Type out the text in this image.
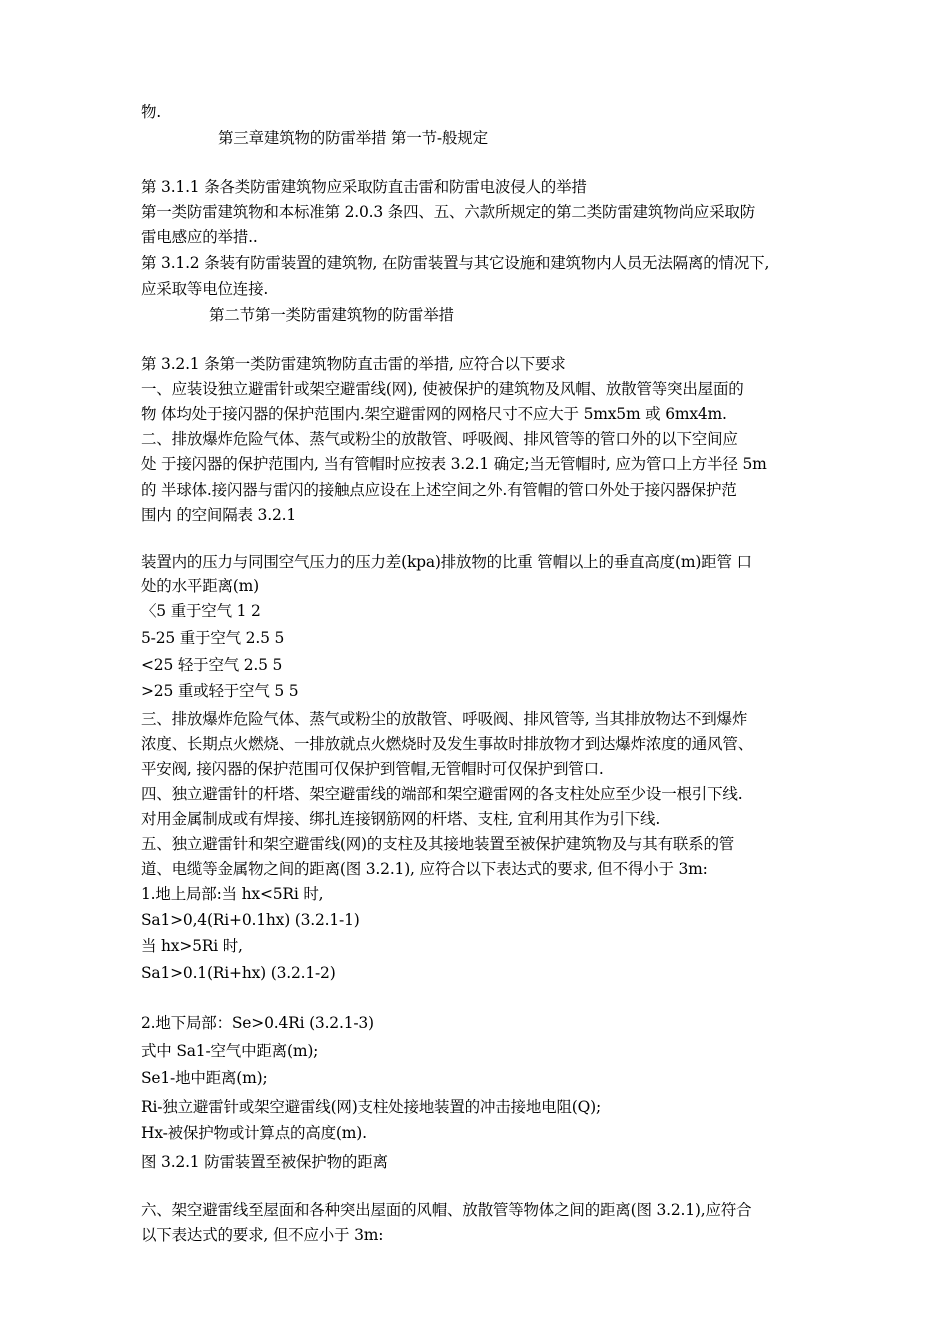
物.
第三章建筑物的防雷举措 第一节-般规定
第 3.1.1 条各类防雷建筑物应采取防直击雷和防雷电波侵人的举措
第一类防雷建筑物和本标准第 2.0.3 条四、五、六款所规定的第二类防雷建筑物尚应采取防
雷电感应的举措..
第 3.1.2 条装有防雷装置的建筑物, 在防雷装置与其它设施和建筑物内人员无法隔离的情况下,
应采取等电位连接.
第二节第一类防雷建筑物的防雷举措
第 3.2.1 条第一类防雷建筑物防直击雷的举措, 应符合以下要求
一、应装设独立避雷针或架空避雷线(网), 使被保护的建筑物及风帽、放散管等突出屋面的
物 体均处于接闪器的保护范围内.架空避雷网的网格尺寸不应大于 5mx5m 或 6mx4m.
二、排放爆炸危险气体、蒸气或粉尘的放散管、呼吸阀、排风管等的管口外的以下空间应
处 于接闪器的保护范围内, 当有管帽时应按表 3.2.1 确定;当无管帽时, 应为管口上方半径 5m
的 半球体.接闪器与雷闪的接触点应设在上述空间之外.有管帽的管口外处于接闪器保护范
围内 的空间隔表 3.2.1
装置内的压力与同围空气压力的压力差(kpa)排放物的比重 管帽以上的垂直高度(m)距管 口
处的水平距离(m)
〈5 重于空气 1 2
5-25 重于空气 2.5 5
<25 轻于空气 2.5 5
>25 重或轻于空气 5 5
三、排放爆炸危险气体、蒸气或粉尘的放散管、呼吸阀、排风管等, 当其排放物达不到爆炸
浓度、长期点火燃烧、一排放就点火燃烧时及发生事故时排放物才到达爆炸浓度的通风管、
平安阀, 接闪器的保护范围可仅保护到管帽,无管帽时可仅保护到管口.
四、独立避雷针的杆塔、架空避雷线的端部和架空避雷网的各支柱处应至少设一根引下线.
对用金属制成或有焊接、绑扎连接钢筋网的杆塔、支柱, 宜利用其作为引下线.
五、独立避雷针和架空避雷线(网)的支柱及其接地装置至被保护建筑物及与其有联系的管
道、电缆等金属物之间的距离(图 3.2.1), 应符合以下表达式的要求, 但不得小于 3m:
1.地上局部:当 hx<5Ri 时,
Sa1>0,4(Ri+0.1hx) (3.2.1-1)
当 hx>5Ri 时,
Sa1>0.1(Ri+hx) (3.2.1-2)
2.地下局部：Se>0.4Ri (3.2.1-3)
式中 Sa1-空气中距离(m);
Se1-地中距离(m);
Ri-独立避雷针或架空避雷线(网)支柱处接地装置的冲击接地电阻(Q);
Hx-被保护物或计算点的高度(m).
图 3.2.1 防雷装置至被保护物的距离
六、架空避雷线至屋面和各种突出屋面的风帽、放散管等物体之间的距离(图 3.2.1),应符合
以下表达式的要求, 但不应小于 3m:
